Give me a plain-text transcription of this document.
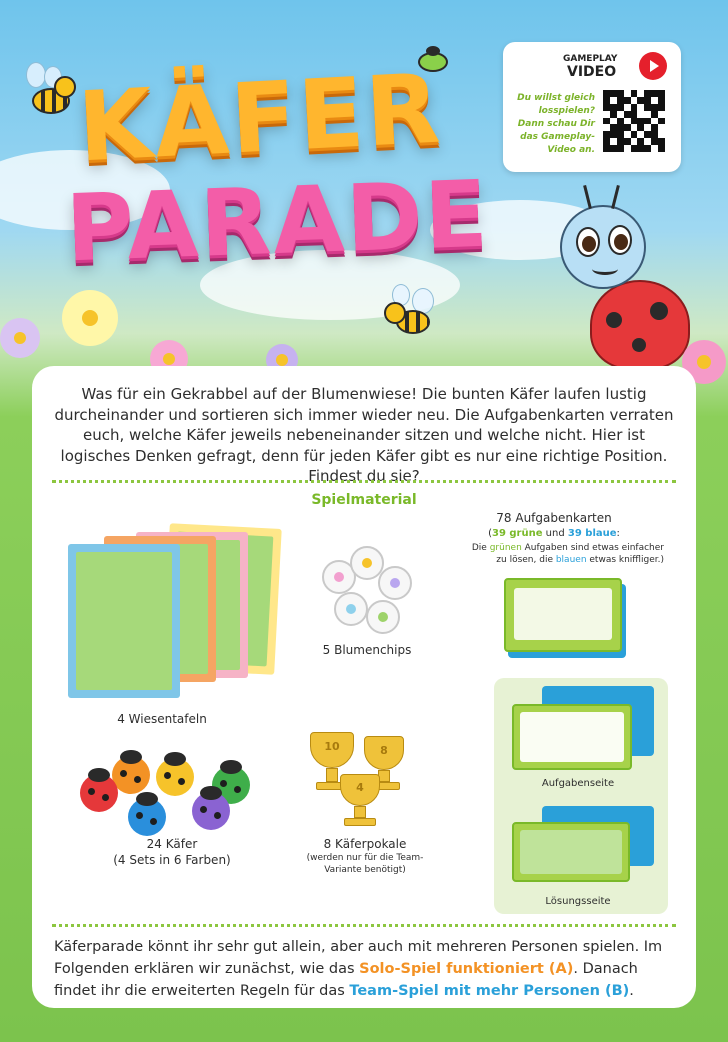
KÄFER
PARADE
GAMEPLAY
VIDEO
Du willst gleich
losspielen?
Dann schau Dir
das Gameplay-
Video an.

Was für ein Gekrabbel auf der Blumenwiese! Die bunten Käfer laufen lustig durcheinander und sortieren sich immer wieder neu. Die Aufgabenkarten verraten euch, welche Käfer jeweils nebeneinander sitzen und welche nicht. Hier ist logisches Denken gefragt, denn für jeden Käfer gibt es nur eine richtige Position. Findest du sie?

Spielmaterial
4 Wiesentafeln
5 Blumenchips
78 Aufgabenkarten
(39 grüne und 39 blaue:
Die grünen Aufgaben sind etwas einfacher
zu lösen, die blauen etwas kniffliger.)
Aufgabenseite
Lösungsseite
24 Käfer
(4 Sets in 6 Farben)
10	8
4
8 Käferpokale
(werden nur für die Team-
Variante benötigt)

Käferparade könnt ihr sehr gut allein, aber auch mit mehreren Personen spielen. Im Folgenden erklären wir zunächst, wie das Solo-Spiel funktioniert (A). Danach findet ihr die erweiterten Regeln für das Team-Spiel mit mehr Personen (B).
